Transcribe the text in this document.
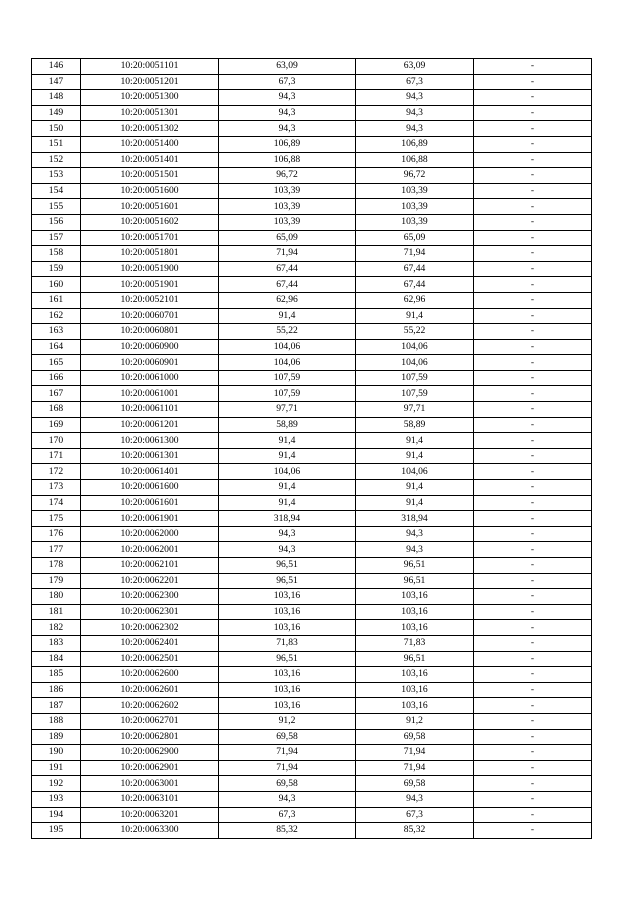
146	10:20:0051101	63,09	63,09	-
147	10:20:0051201	67,3	67,3	-
148	10:20:0051300	94,3	94,3	-
149	10:20:0051301	94,3	94,3	-
150	10:20:0051302	94,3	94,3	-
151	10:20:0051400	106,89	106,89	-
152	10:20:0051401	106,88	106,88	-
153	10:20:0051501	96,72	96,72	-
154	10:20:0051600	103,39	103,39	-
155	10:20:0051601	103,39	103,39	-
156	10:20:0051602	103,39	103,39	-
157	10:20:0051701	65,09	65,09	-
158	10:20:0051801	71,94	71,94	-
159	10:20:0051900	67,44	67,44	-
160	10:20:0051901	67,44	67,44	-
161	10:20:0052101	62,96	62,96	-
162	10:20:0060701	91,4	91,4	-
163	10:20:0060801	55,22	55,22	-
164	10:20:0060900	104,06	104,06	-
165	10:20:0060901	104,06	104,06	-
166	10:20:0061000	107,59	107,59	-
167	10:20:0061001	107,59	107,59	-
168	10:20:0061101	97,71	97,71	-
169	10:20:0061201	58,89	58,89	-
170	10:20:0061300	91,4	91,4	-
171	10:20:0061301	91,4	91,4	-
172	10:20:0061401	104,06	104,06	-
173	10:20:0061600	91,4	91,4	-
174	10:20:0061601	91,4	91,4	-
175	10:20:0061901	318,94	318,94	-
176	10:20:0062000	94,3	94,3	-
177	10:20:0062001	94,3	94,3	-
178	10:20:0062101	96,51	96,51	-
179	10:20:0062201	96,51	96,51	-
180	10:20:0062300	103,16	103,16	-
181	10:20:0062301	103,16	103,16	-
182	10:20:0062302	103,16	103,16	-
183	10:20:0062401	71,83	71,83	-
184	10:20:0062501	96,51	96,51	-
185	10:20:0062600	103,16	103,16	-
186	10:20:0062601	103,16	103,16	-
187	10:20:0062602	103,16	103,16	-
188	10:20:0062701	91,2	91,2	-
189	10:20:0062801	69,58	69,58	-
190	10:20:0062900	71,94	71,94	-
191	10:20:0062901	71,94	71,94	-
192	10:20:0063001	69,58	69,58	-
193	10:20:0063101	94,3	94,3	-
194	10:20:0063201	67,3	67,3	-
195	10:20:0063300	85,32	85,32	-
